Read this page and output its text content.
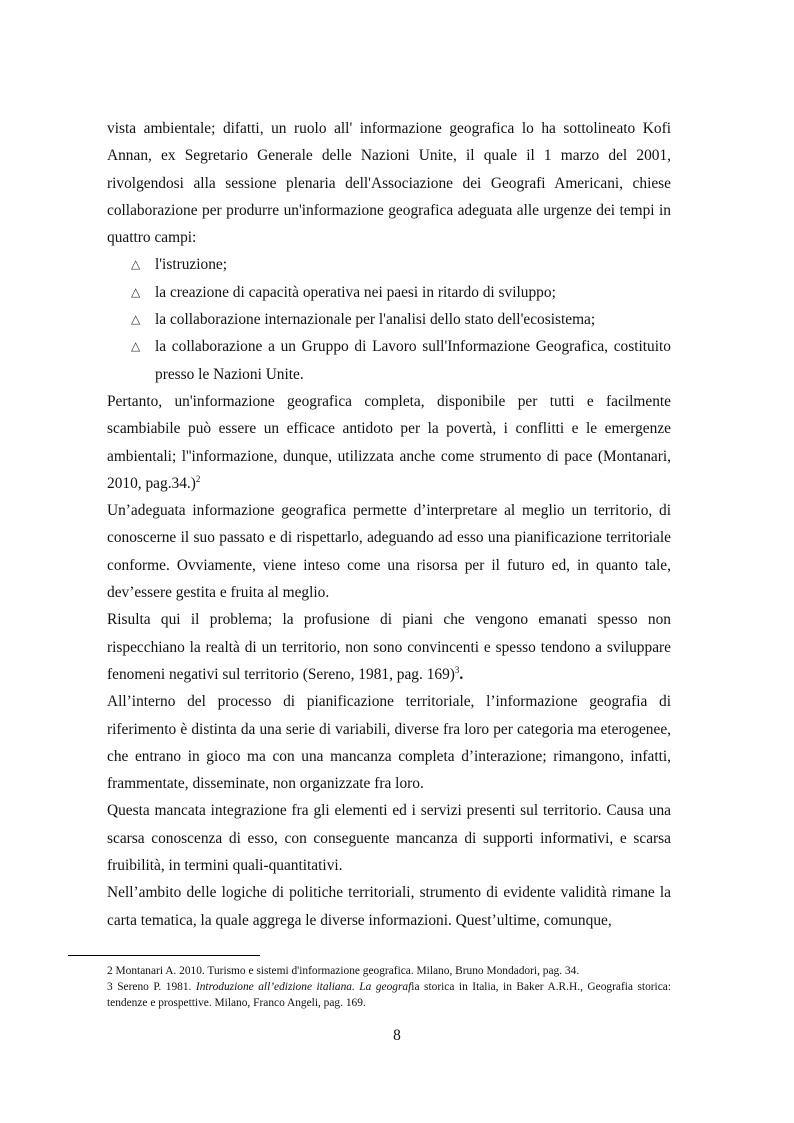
vista ambientale; difatti, un ruolo all' informazione geografica lo ha sottolineato Kofi Annan, ex Segretario Generale delle Nazioni Unite, il quale il 1 marzo del 2001, rivolgendosi alla sessione plenaria dell'Associazione dei Geografi Americani, chiese collaborazione per produrre un'informazione geografica adeguata alle urgenze dei tempi in quattro campi:

△ l'istruzione;
△ la creazione di capacità operativa nei paesi in ritardo di sviluppo;
△ la collaborazione internazionale per l'analisi dello stato dell'ecosistema;
△ la collaborazione a un Gruppo di Lavoro sull'Informazione Geografica, costituito presso le Nazioni Unite.

Pertanto, un'informazione geografica completa, disponibile per tutti e facilmente scambiabile può essere un efficace antidoto per la povertà, i conflitti e le emergenze ambientali; l''informazione, dunque, utilizzata anche come strumento di pace (Montanari, 2010, pag.34.)$^2$

Un’adeguata informazione geografica permette d’interpretare al meglio un territorio, di conoscerne il suo passato e di rispettarlo, adeguando ad esso una pianificazione territoriale conforme. Ovviamente, viene inteso come una risorsa per il futuro ed, in quanto tale, dev’essere gestita e fruita al meglio.

Risulta qui il problema; la profusione di piani che vengono emanati spesso non rispecchiano la realtà di un territorio, non sono convincenti e spesso tendono a sviluppare fenomeni negativi sul territorio (Sereno, 1981, pag. 169)$^3$.

All’interno del processo di pianificazione territoriale, l’informazione geografia di riferimento è distinta da una serie di variabili, diverse fra loro per categoria ma eterogenee, che entrano in gioco ma con una mancanza completa d’interazione; rimangono, infatti, frammentate, disseminate, non organizzate fra loro.

Questa mancata integrazione fra gli elementi ed i servizi presenti sul territorio. Causa una scarsa conoscenza di esso, con conseguente mancanza di supporti informativi, e scarsa fruibilità, in termini quali-quantitativi.

Nell’ambito delle logiche di politiche territoriali, strumento di evidente validità rimane la carta tematica, la quale aggrega le diverse informazioni. Quest’ultime, comunque,

2 Montanari A. 2010. Turismo e sistemi d'informazione geografica. Milano, Bruno Mondadori, pag. 34.

3 Sereno P. 1981. Introduzione all’edizione italiana. La geografia storica in Italia, in Baker A.R.H., Geografia storica: tendenze e prospettive. Milano, Franco Angeli, pag. 169.

8
